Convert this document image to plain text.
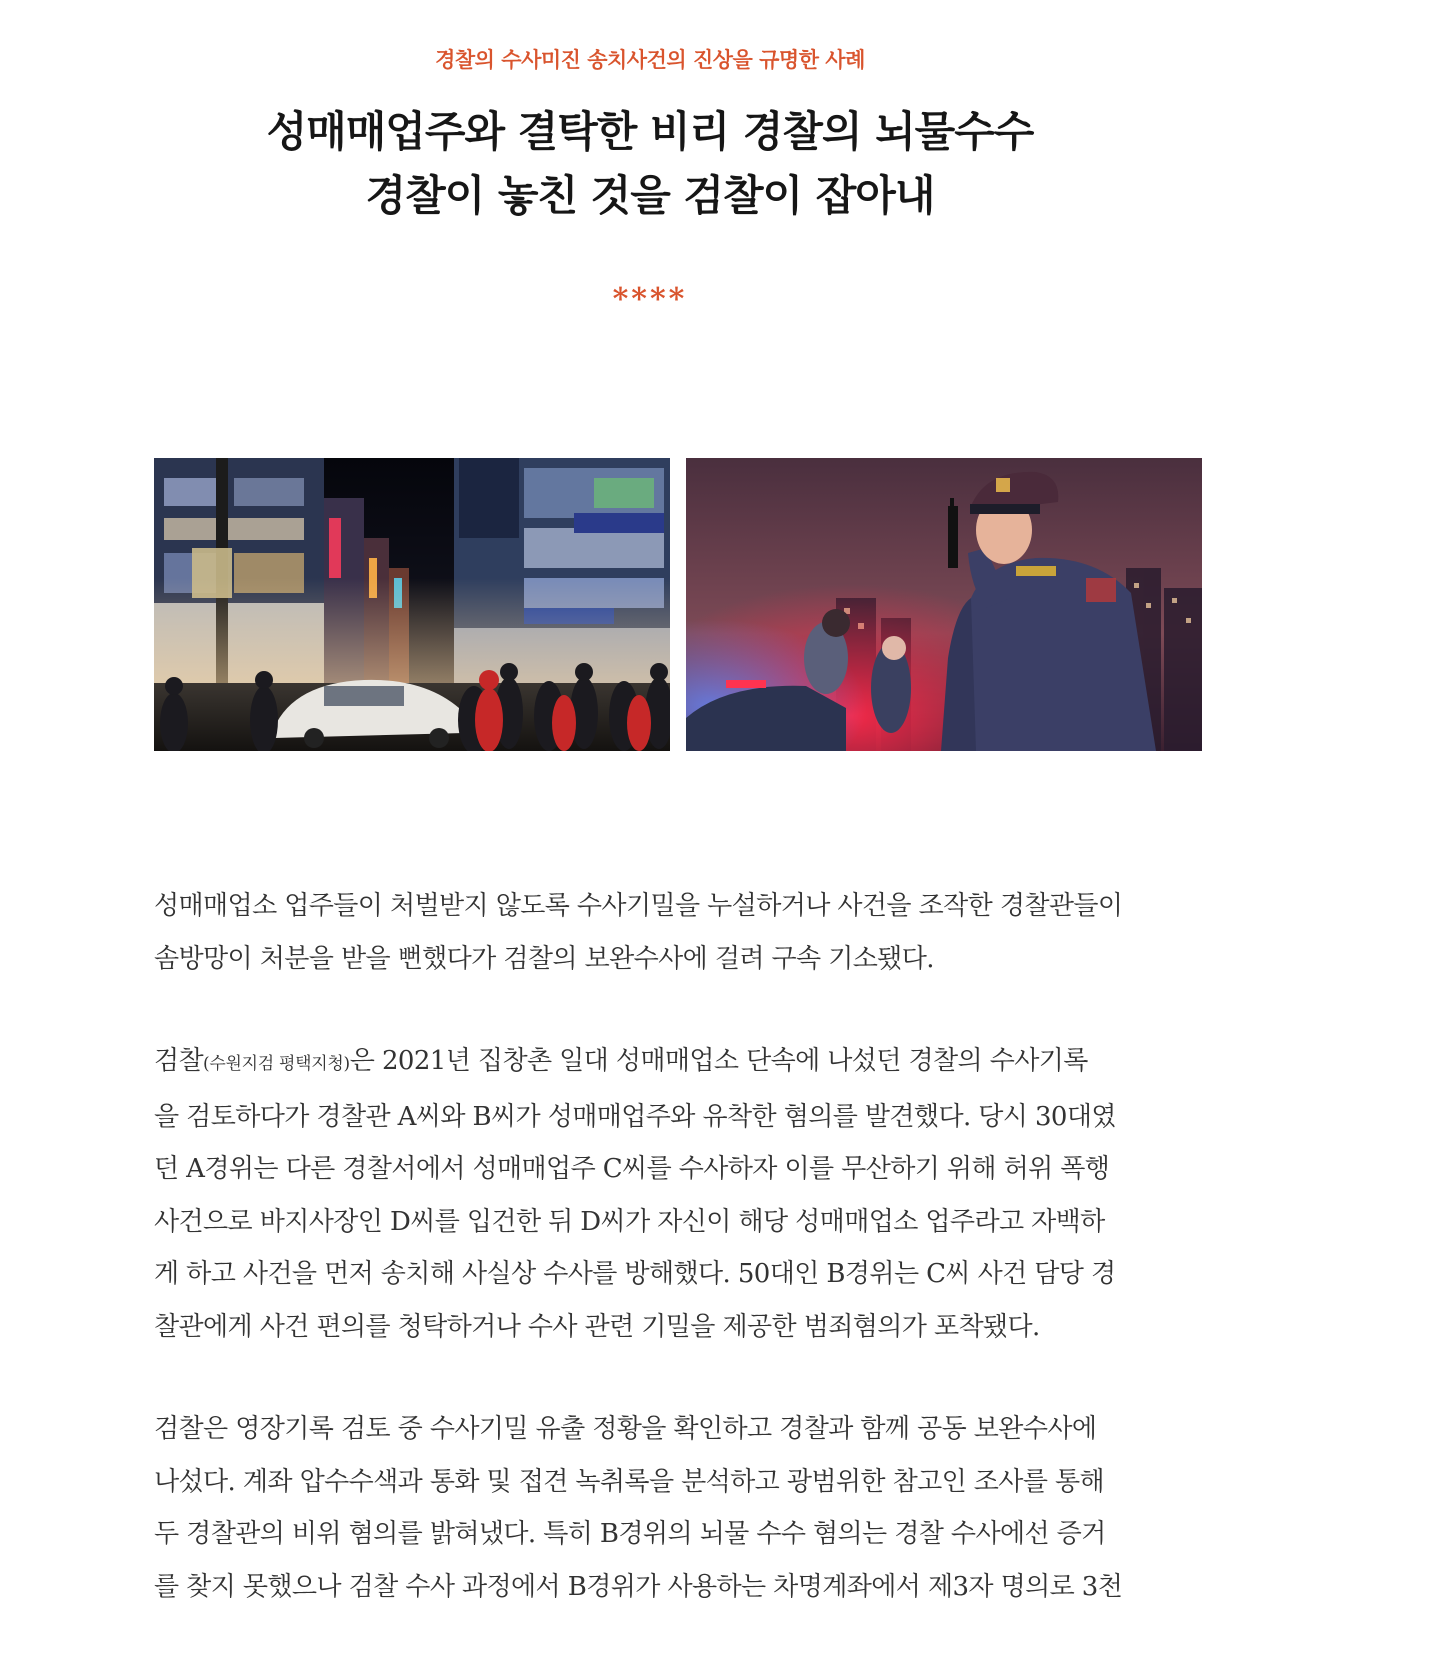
경찰의 수사미진 송치사건의 진상을 규명한 사례
성매매업주와 결탁한 비리 경찰의 뇌물수수
경찰이 놓친 것을 검찰이 잡아내
****

성매매업소 업주들이 처벌받지 않도록 수사기밀을 누설하거나 사건을 조작한 경찰관들이
솜방망이 처분을 받을 뻔했다가 검찰의 보완수사에 걸려 구속 기소됐다.

검찰(수원지검 평택지청)은 2021년 집창촌 일대 성매매업소 단속에 나섰던 경찰의 수사기록
을 검토하다가 경찰관 A씨와 B씨가 성매매업주와 유착한 혐의를 발견했다. 당시 30대였
던 A경위는 다른 경찰서에서 성매매업주 C씨를 수사하자 이를 무산하기 위해 허위 폭행
사건으로 바지사장인 D씨를 입건한 뒤 D씨가 자신이 해당 성매매업소 업주라고 자백하
게 하고 사건을 먼저 송치해 사실상 수사를 방해했다. 50대인 B경위는 C씨 사건 담당 경
찰관에게 사건 편의를 청탁하거나 수사 관련 기밀을 제공한 범죄혐의가 포착됐다.

검찰은 영장기록 검토 중 수사기밀 유출 정황을 확인하고 경찰과 함께 공동 보완수사에
나섰다. 계좌 압수수색과 통화 및 접견 녹취록을 분석하고 광범위한 참고인 조사를 통해
두 경찰관의 비위 혐의를 밝혀냈다. 특히 B경위의 뇌물 수수 혐의는 경찰 수사에선 증거
를 찾지 못했으나 검찰 수사 과정에서 B경위가 사용하는 차명계좌에서 제3자 명의로 3천
